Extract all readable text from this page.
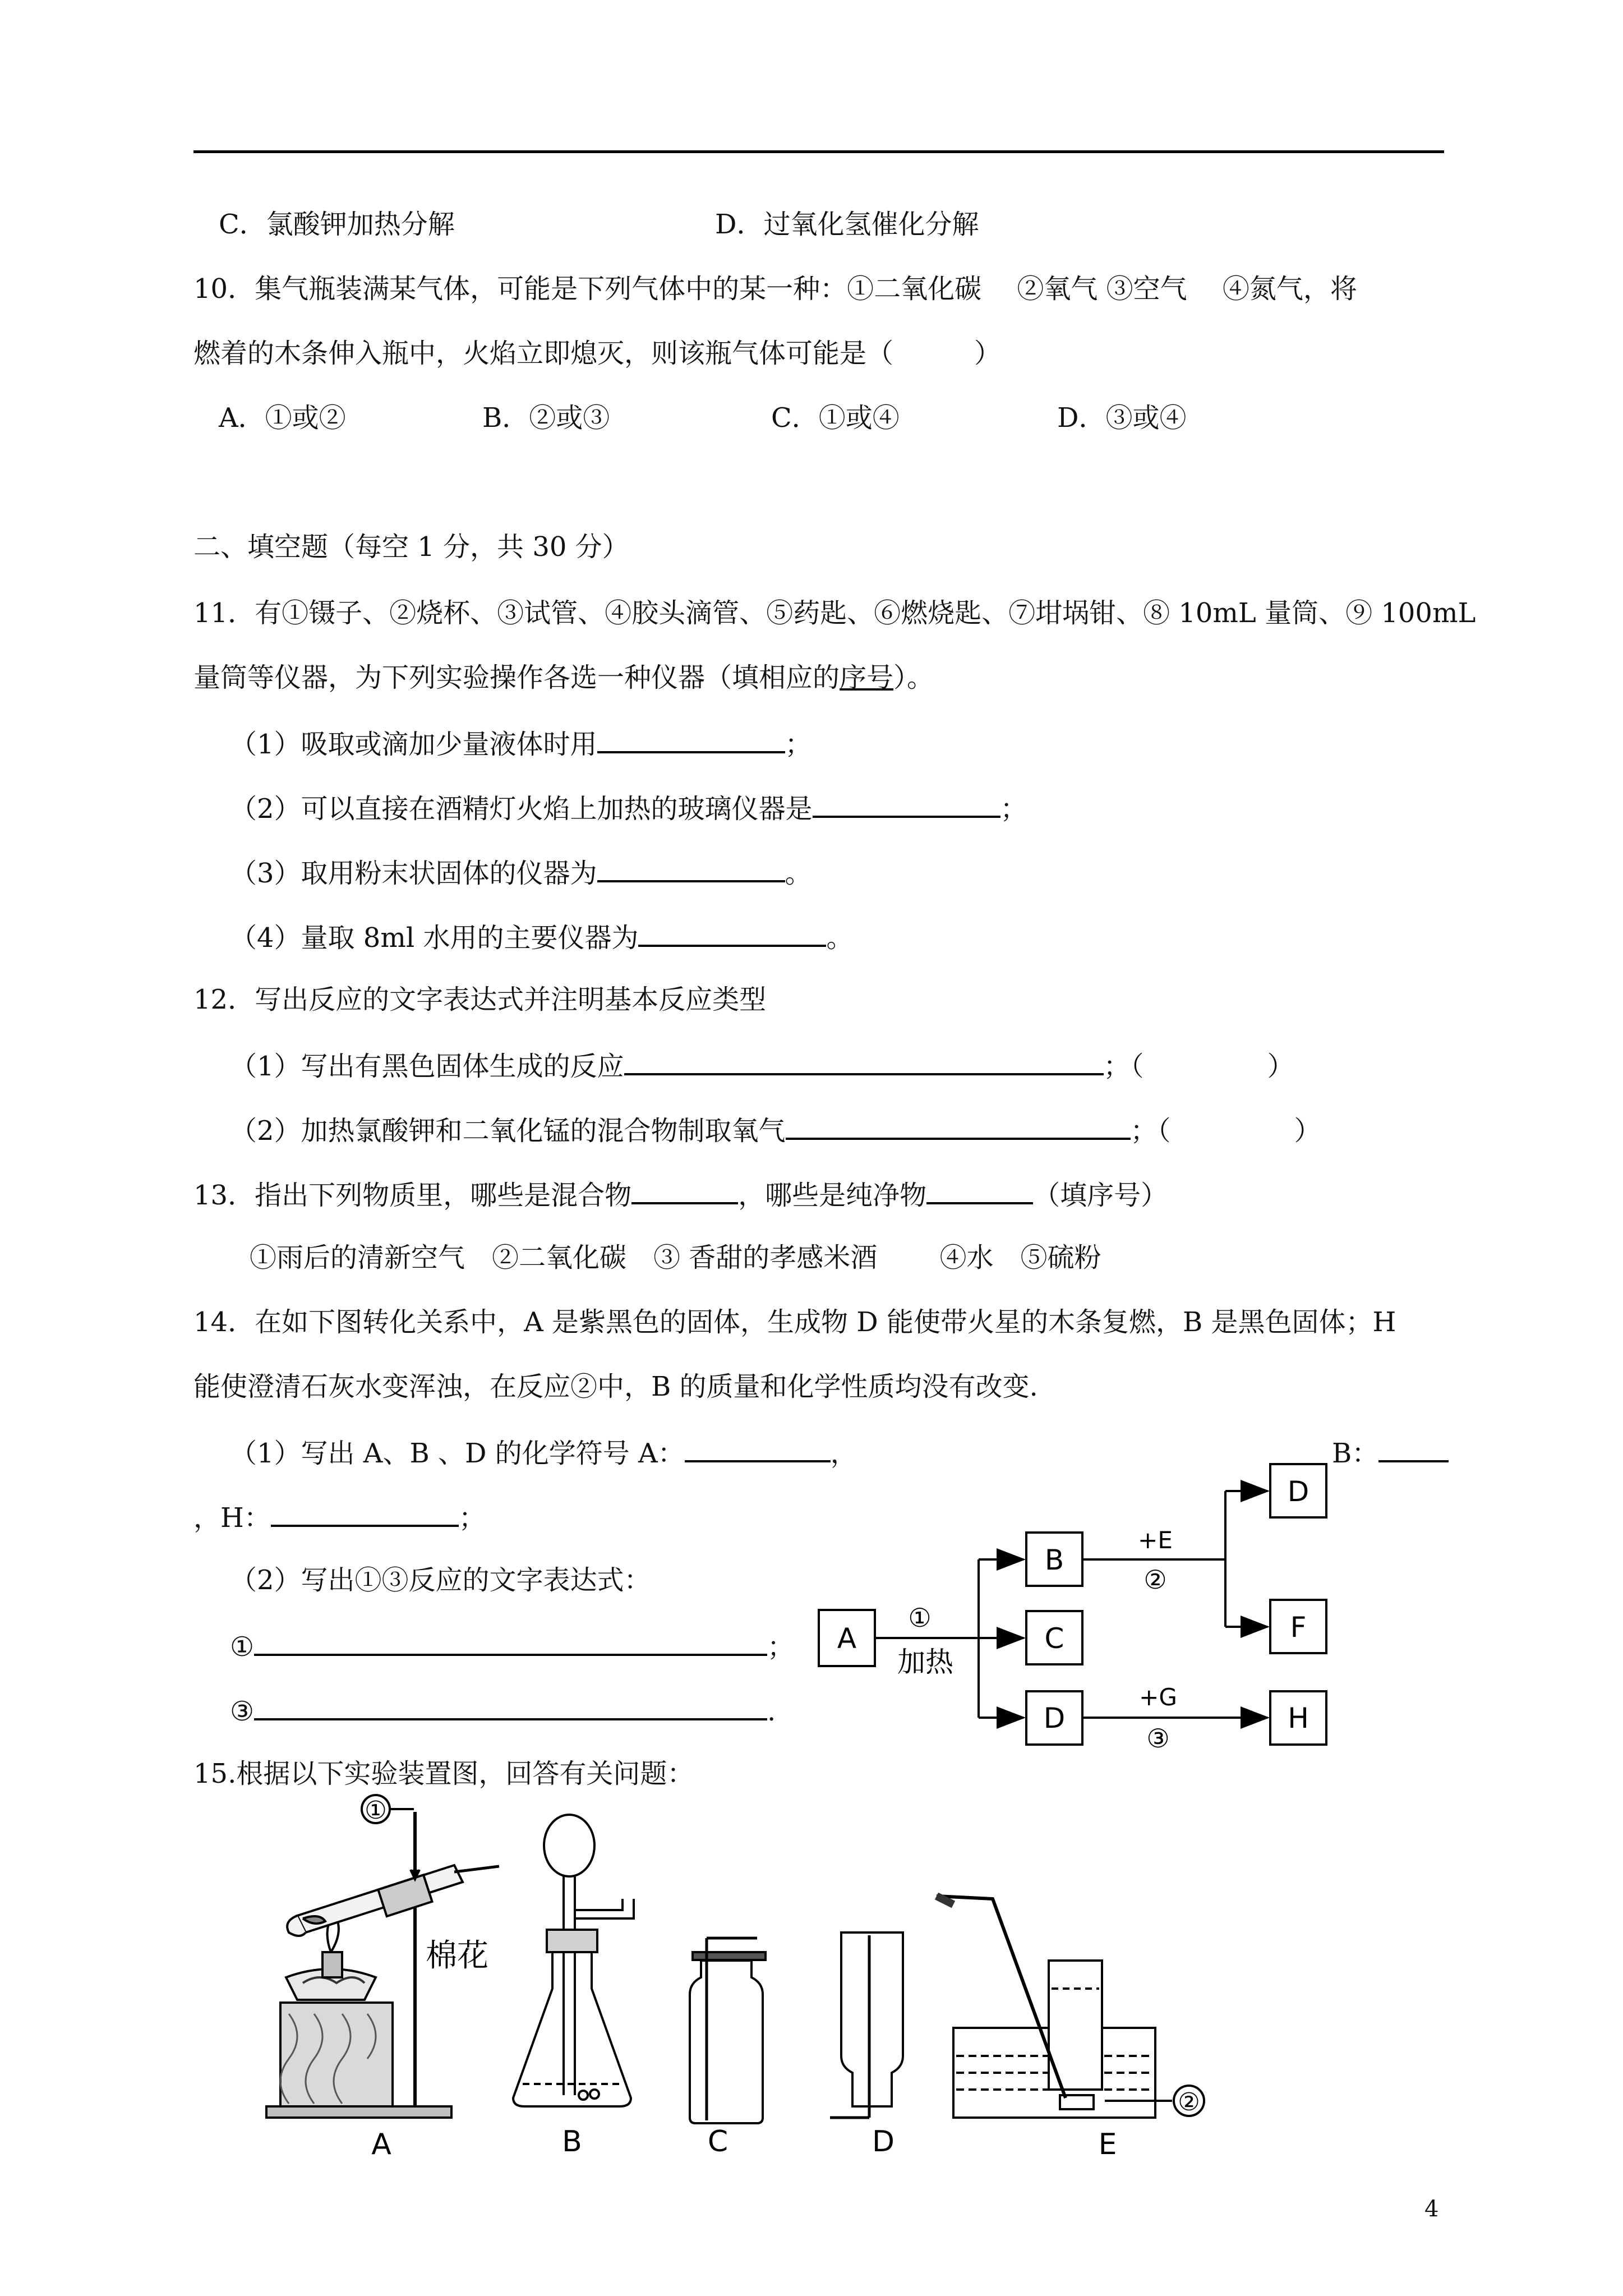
C．氯酸钾加热分解	D．过氧化氢催化分解
10．集气瓶装满某气体，可能是下列气体中的某一种：①二氧化碳　 ②氧气 ③空气　 ④氮气，将
燃着的木条伸入瓶中，火焰立即熄灭，则该瓶气体可能是（　　　）
A．①或②	B．②或③	C．①或④	D．③或④
二、填空题（每空 1 分，共 30 分）
11．有①镊子、②烧杯、③试管、④胶头滴管、⑤药匙、⑥燃烧匙、⑦坩埚钳、⑧ 10mL 量筒、⑨ 100mL
量筒等仪器，为下列实验操作各选一种仪器（填相应的序号）。
（1）吸取或滴加少量液体时用	；
（2）可以直接在酒精灯火焰上加热的玻璃仪器是	；
（3）取用粉末状固体的仪器为	。
（4）量取 8ml 水用的主要仪器为	。
12．写出反应的文字表达式并注明基本反应类型
（1）写出有黑色固体生成的反应	；（	）
（2）加热氯酸钾和二氧化锰的混合物制取氧气	；（	）
13．指出下列物质里，哪些是混合物	，哪些是纯净物	（填序号）
①雨后的清新空气　②二氧化碳　③ 香甜的孝感米酒　　 ④水　⑤硫粉
14．在如下图转化关系中，A 是紫黑色的固体，生成物 D 能使带火星的木条复燃，B 是黑色固体；H
能使澄清石灰水变浑浊，在反应②中，B 的质量和化学性质均没有改变.
（1）写出 A、B 、D 的化学符号 A：	，	B：
，H：	；
（2）写出①③反应的文字表达式：
①	；
③	.
A
B
C
D
D
F
H
①
加热
+E
②
+G
③
15.根据以下实验装置图，回答有关问题：
①
②
棉花
A	B	C	D	E
4
